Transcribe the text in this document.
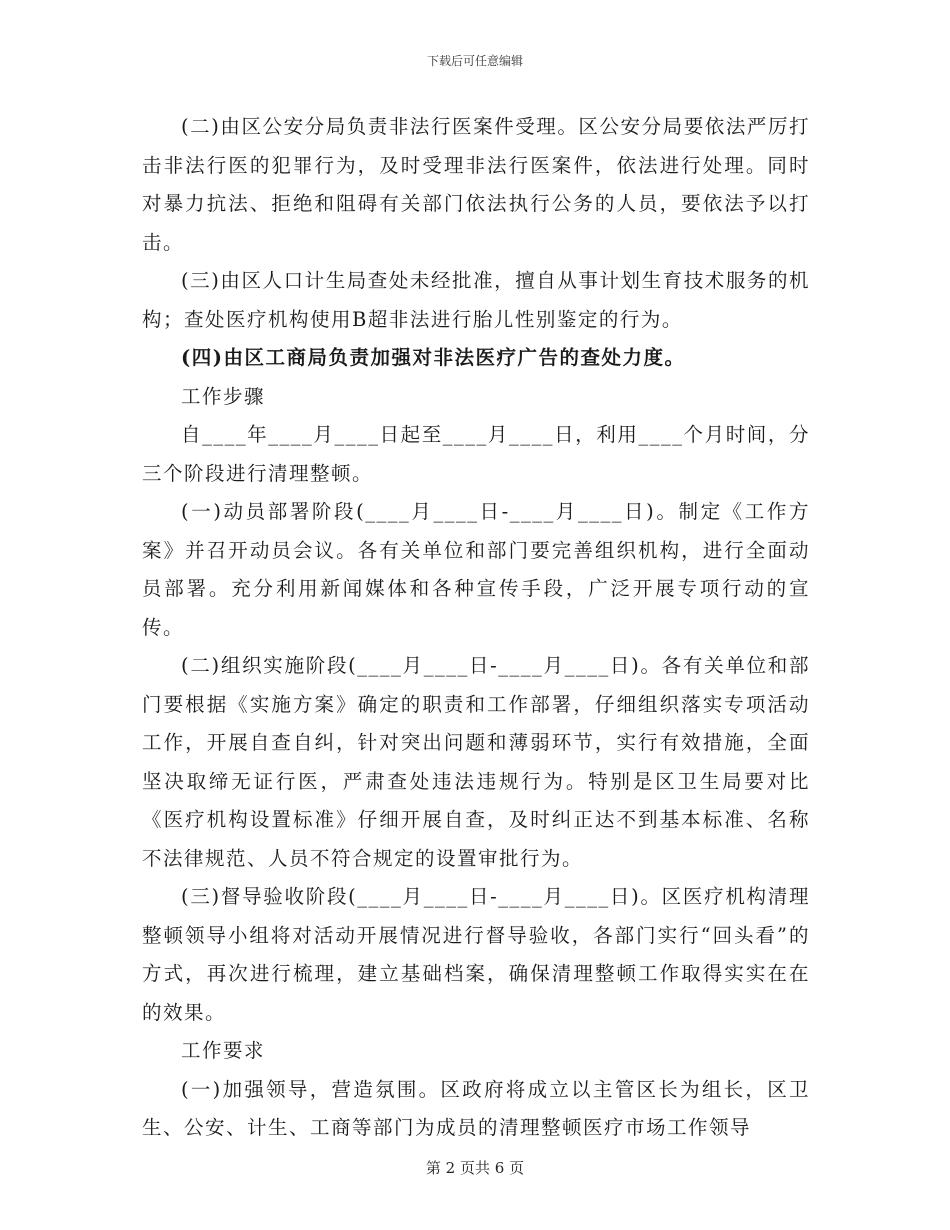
下载后可任意编辑

(二)由区公安分局负责非法行医案件受理。区公安分局要依法严厉打击非法行医的犯罪行为，及时受理非法行医案件，依法进行处理。同时对暴力抗法、拒绝和阻碍有关部门依法执行公务的人员，要依法予以打击。

(三)由区人口计生局查处未经批准，擅自从事计划生育技术服务的机构；查处医疗机构使用B超非法进行胎儿性别鉴定的行为。

(四)由区工商局负责加强对非法医疗广告的查处力度。

工作步骤

自____年____月____日起至____月____日，利用____个月时间，分三个阶段进行清理整顿。

(一)动员部署阶段(____月____日-____月____日)。制定《工作方案》并召开动员会议。各有关单位和部门要完善组织机构，进行全面动员部署。充分利用新闻媒体和各种宣传手段，广泛开展专项行动的宣传。

(二)组织实施阶段(____月____日-____月____日)。各有关单位和部门要根据《实施方案》确定的职责和工作部署，仔细组织落实专项活动工作，开展自查自纠，针对突出问题和薄弱环节，实行有效措施，全面坚决取缔无证行医，严肃查处违法违规行为。特别是区卫生局要对比《医疗机构设置标准》仔细开展自查，及时纠正达不到基本标准、名称不法律规范、人员不符合规定的设置审批行为。

(三)督导验收阶段(____月____日-____月____日)。区医疗机构清理整顿领导小组将对活动开展情况进行督导验收，各部门实行“回头看”的方式，再次进行梳理，建立基础档案，确保清理整顿工作取得实实在在的效果。

工作要求

(一)加强领导，营造氛围。区政府将成立以主管区长为组长，区卫生、公安、计生、工商等部门为成员的清理整顿医疗市场工作领导

第 2 页共 6 页
